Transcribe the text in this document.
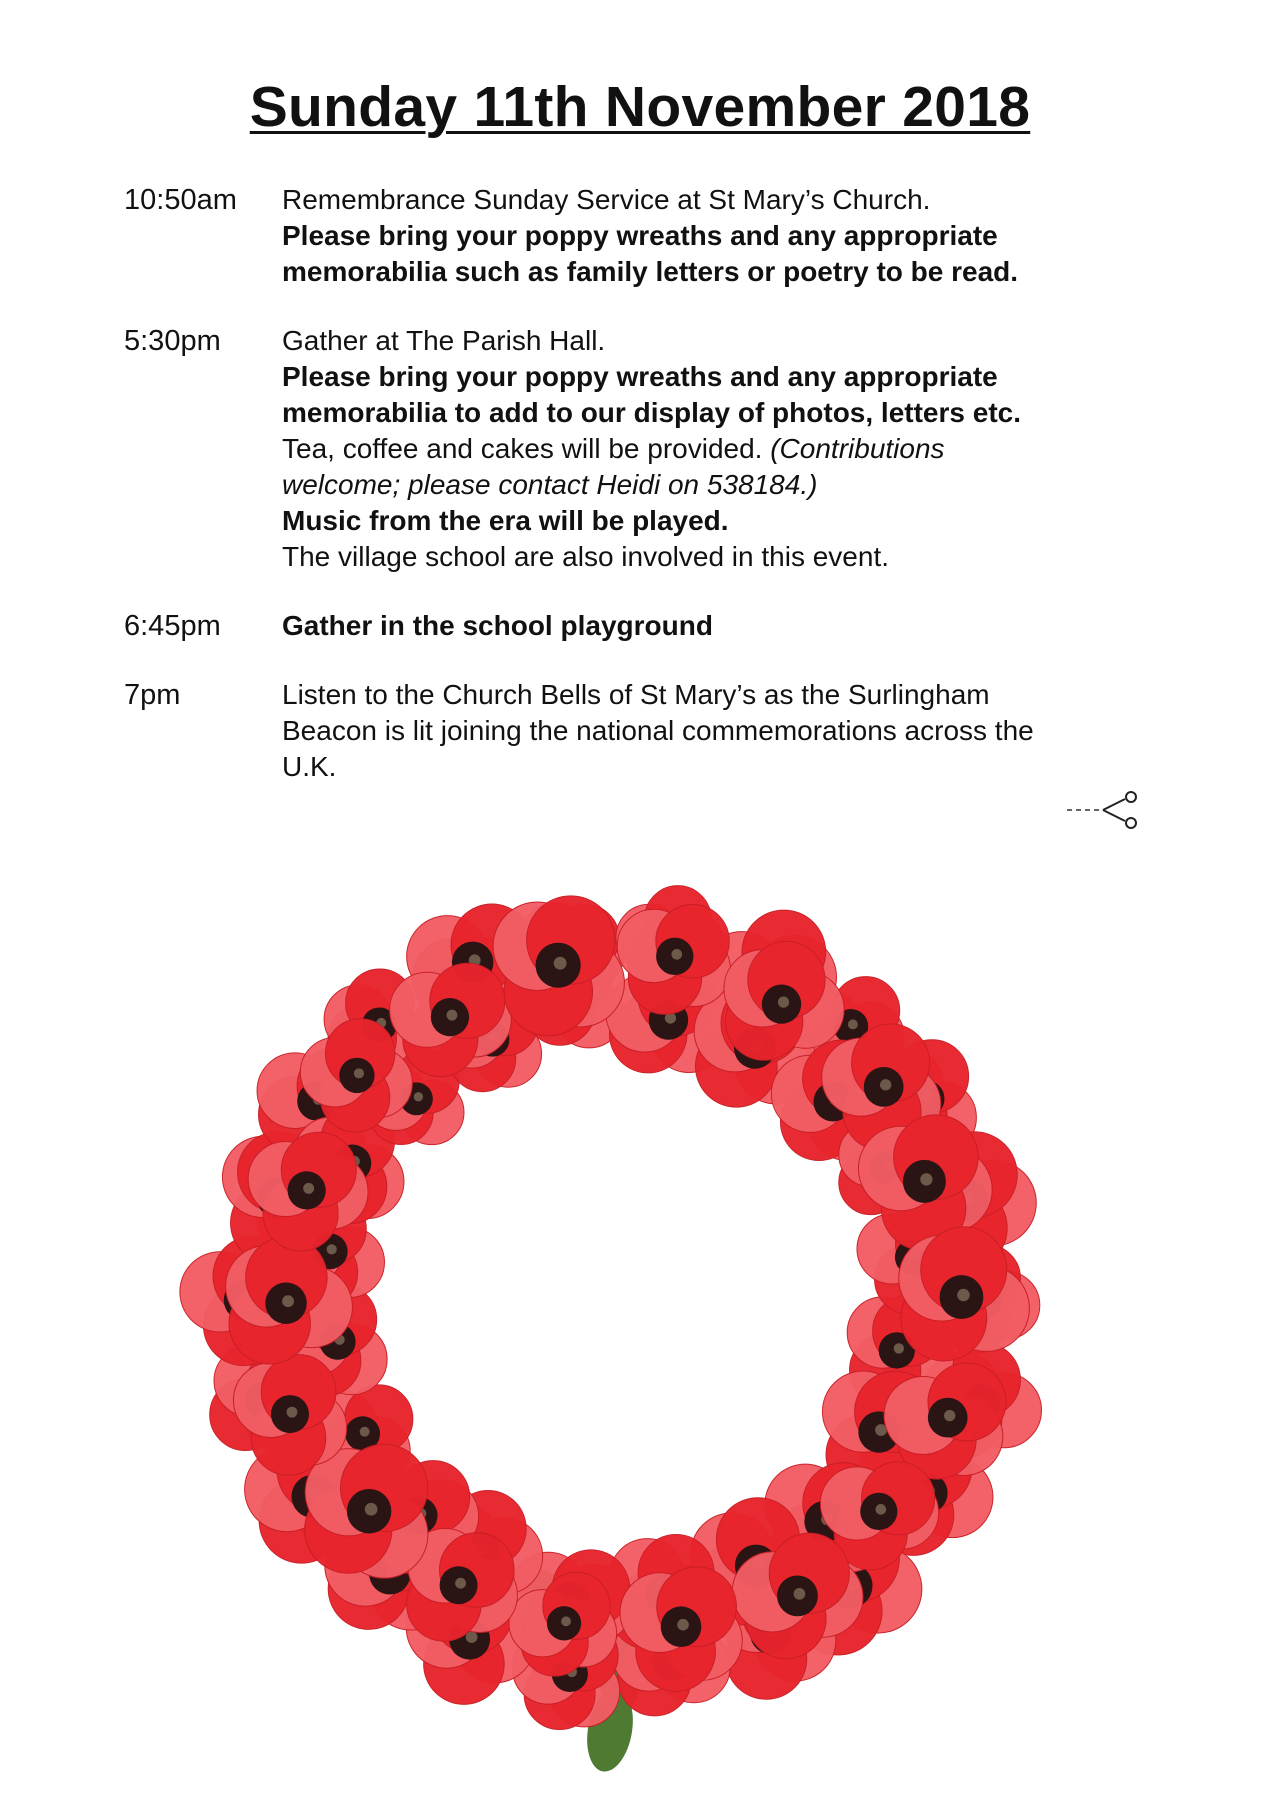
Sunday 11th November 2018
10:50am Remembrance Sunday Service at St Mary’s Church.
Please bring your poppy wreaths and any appropriate
memorabilia such as family letters or poetry to be read.
5:30pm Gather at The Parish Hall.
Please bring your poppy wreaths and any appropriate
memorabilia to add to our display of photos, letters etc.
Tea, coffee and cakes will be provided. (Contributions
welcome; please contact Heidi on 538184.)
Music from the era will be played.
The village school are also involved in this event.
6:45pm Gather in the school playground
7pm	Listen to the Church Bells of St Mary’s as the Surlingham
Beacon is lit joining the national commemorations across the
U.K.
